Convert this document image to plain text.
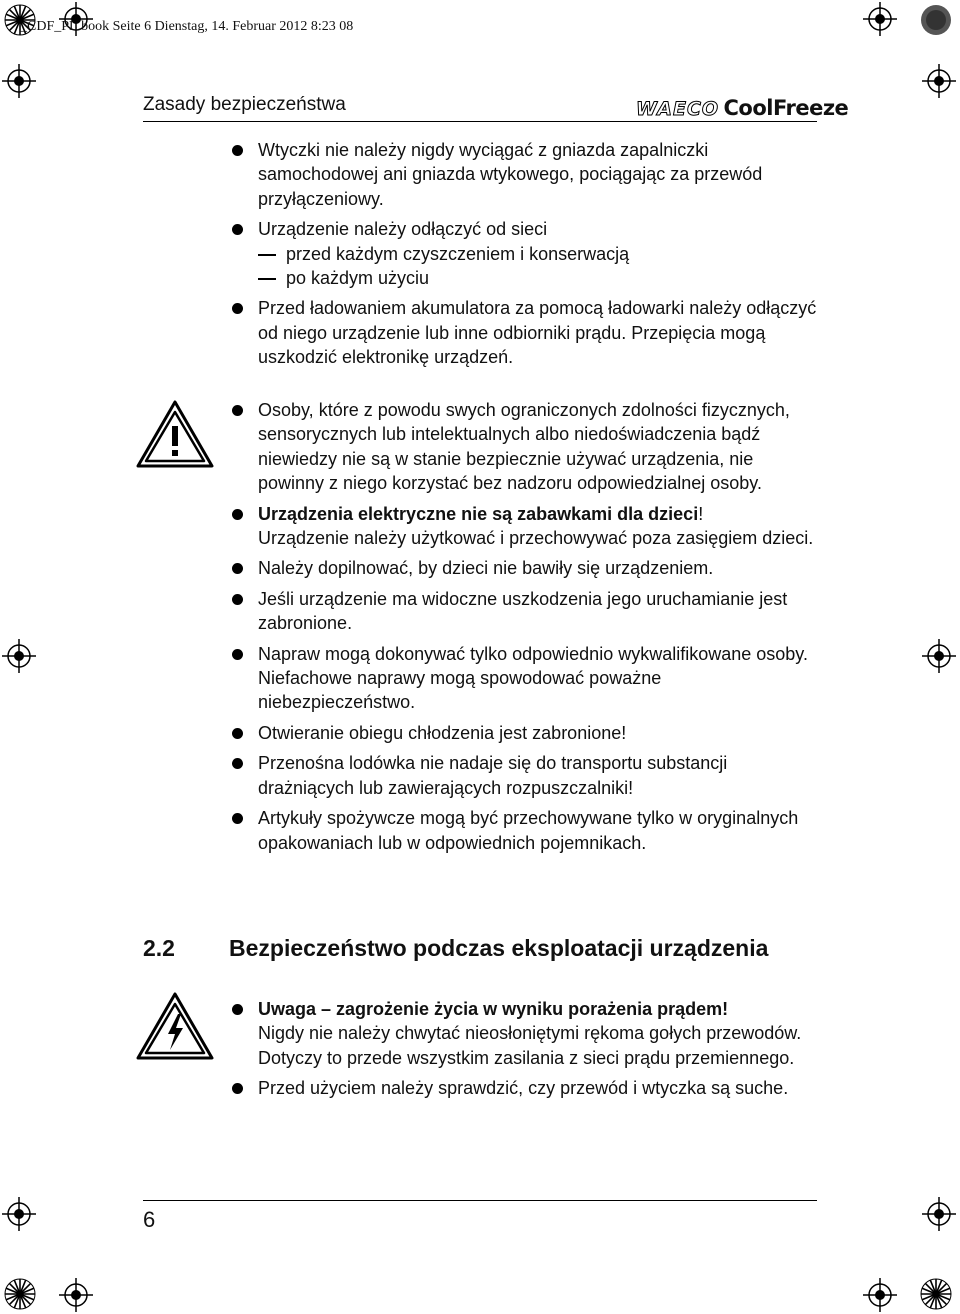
_CDF_PL.book Seite 6 Dienstag, 14. Februar 2012 8:23 08
Zasady bezpieczeństwa	WAECO CoolFreeze
Wtyczki nie należy nigdy wyciągać z gniazda zapalniczki samochodowej ani gniazda wtykowego, pociągając za przewód przyłączeniowy.
Urządzenie należy odłączyć od sieci
przed każdym czyszczeniem i konserwacją
po każdym użyciu
Przed ładowaniem akumulatora za pomocą ładowarki należy odłączyć od niego urządzenie lub inne odbiorniki prądu. Przepięcia mogą uszkodzić elektronikę urządzeń.
Osoby, które z powodu swych ograniczonych zdolności fizycznych, sensorycznych lub intelektualnych albo niedoświadczenia bądź niewiedzy nie są w stanie bezpiecznie używać urządzenia, nie powinny z niego korzystać bez nadzoru odpowiedzialnej osoby.
Urządzenia elektryczne nie są zabawkami dla dzieci!
Urządzenie należy użytkować i przechowywać poza zasięgiem dzieci.
Należy dopilnować, by dzieci nie bawiły się urządzeniem.
Jeśli urządzenie ma widoczne uszkodzenia jego uruchamianie jest zabronione.
Napraw mogą dokonywać tylko odpowiednio wykwalifikowane osoby. Niefachowe naprawy mogą spowodować poważne niebezpieczeństwo.
Otwieranie obiegu chłodzenia jest zabronione!
Przenośna lodówka nie nadaje się do transportu substancji drażniących lub zawierających rozpuszczalniki!
Artykuły spożywcze mogą być przechowywane tylko w oryginalnych opakowaniach lub w odpowiednich pojemnikach.
2.2 Bezpieczeństwo podczas eksploatacji urządzenia
Uwaga – zagrożenie życia w wyniku porażenia prądem!
Nigdy nie należy chwytać nieosłoniętymi rękoma gołych przewodów. Dotyczy to przede wszystkim zasilania z sieci prądu przemiennego.
Przed użyciem należy sprawdzić, czy przewód i wtyczka są suche.
6
